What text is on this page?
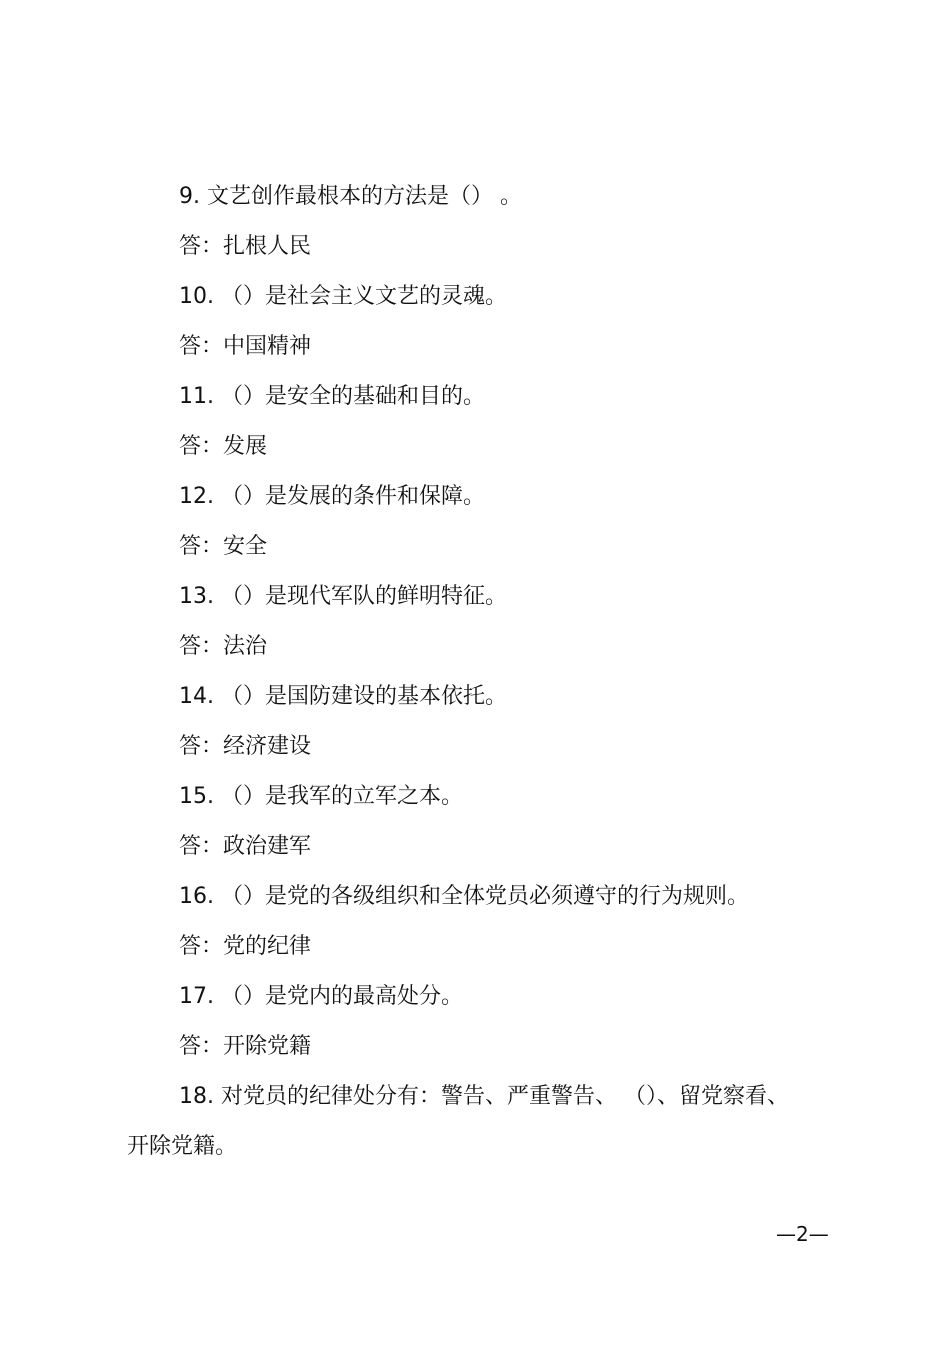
9. 文艺创作最根本的方法是（） 。
答：扎根人民
10. （）是社会主义文艺的灵魂。
答：中国精神
11. （）是安全的基础和目的。
答：发展
12. （）是发展的条件和保障。
答：安全
13. （）是现代军队的鲜明特征。
答：法治
14. （）是国防建设的基本依托。
答：经济建设
15. （）是我军的立军之本。
答：政治建军
16. （）是党的各级组织和全体党员必须遵守的行为规则。
答：党的纪律
17. （）是党内的最高处分。
答：开除党籍
18. 对党员的纪律处分有：警告、严重警告、 （）、留党察看、
开除党籍。
—2—
